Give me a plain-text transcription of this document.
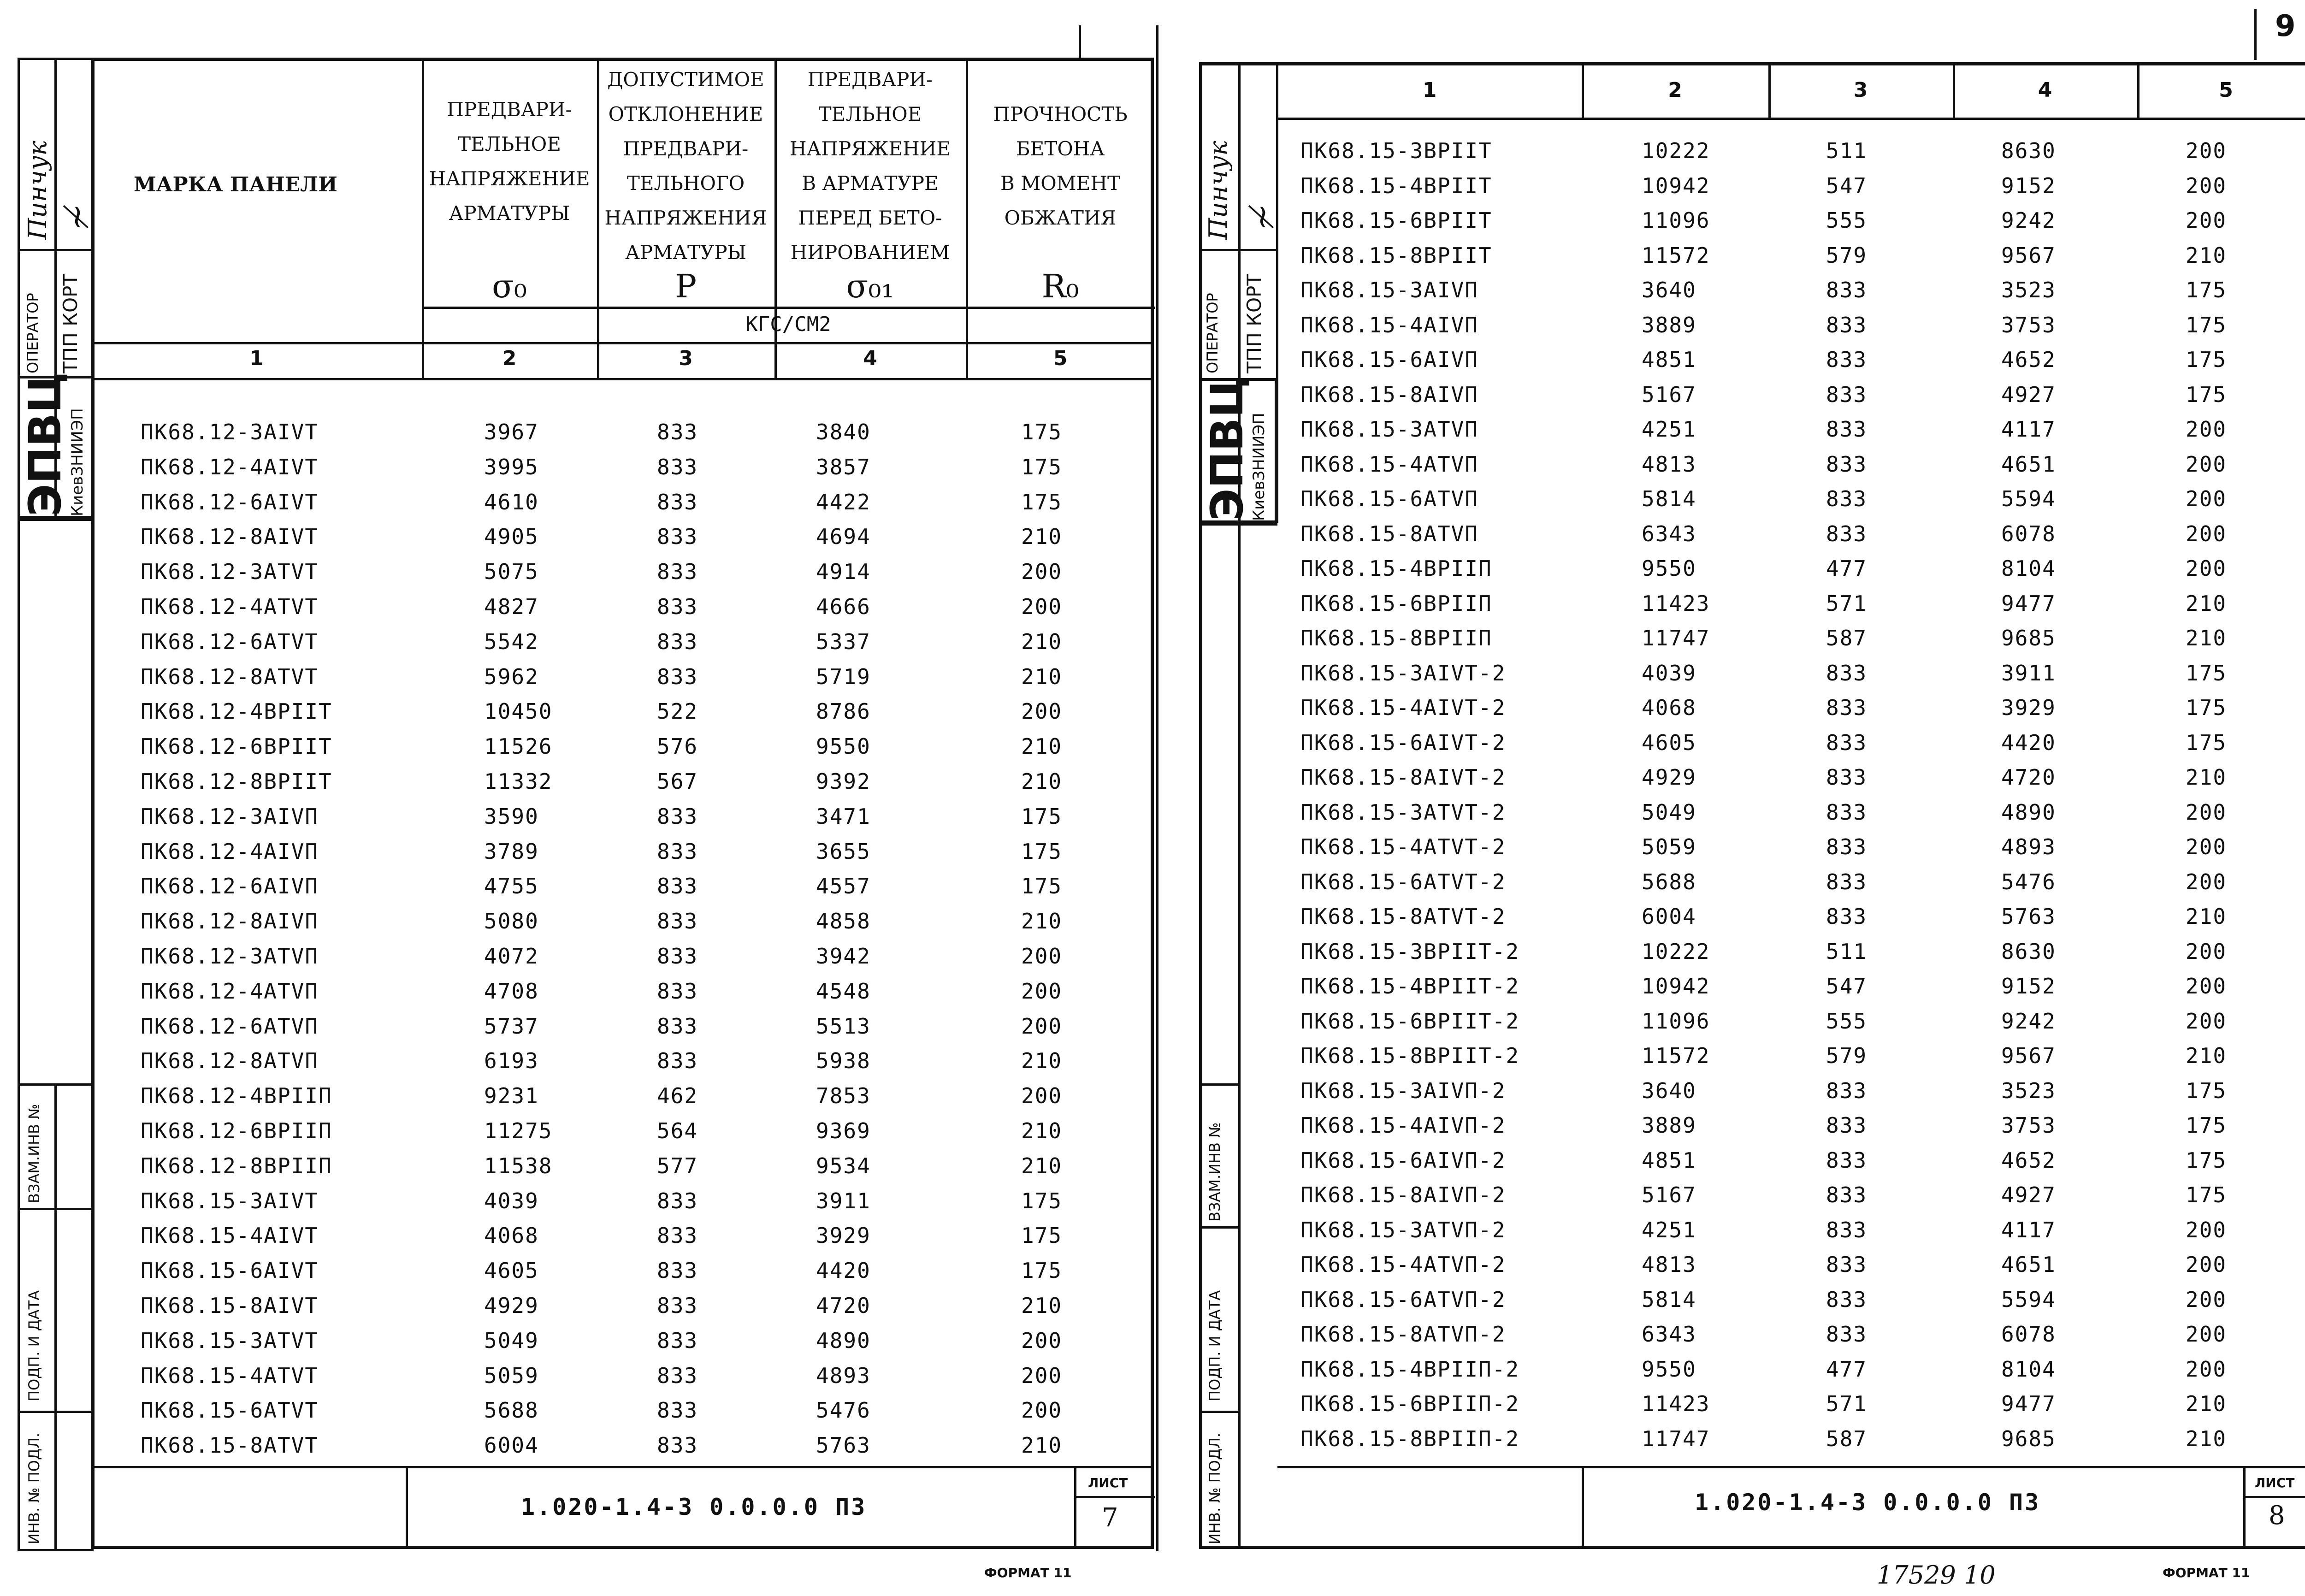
Пинчук ≁
ОПЕРАТОР ТПП КОРТ
ЭПВЦ
КиевЗНИИЭП
ВЗАМ.ИНВ №
ПОДП. И ДАТА
ИНВ. № ПОДЛ.
МАРКА ПАНЕЛИ
ПРЕДВАРИ-
ТЕЛЬНОЕ
НАПРЯЖЕНИЕ
АРМАТУРЫ
ДОПУСТИМОЕ
ОТКЛОНЕНИЕ
ПРЕДВАРИ-
ТЕЛЬНОГО
НАПРЯЖЕНИЯ
АРМАТУРЫ
ПРЕДВАРИ-
ТЕЛЬНОЕ
НАПРЯЖЕНИЕ
В АРМАТУРЕ
ПЕРЕД БЕТО-
НИРОВАНИЕМ
ПРОЧНОСТЬ
БЕТОНА
В МОМЕНТ
ОБЖАТИЯ
σ₀	P	σ₀₁	R₀
КГС/СМ2
1	2	3	4	5
ПК68.12-3AIVT	3967	833	3840	175
ПК68.12-4AIVT	3995	833	3857	175
ПК68.12-6AIVT	4610	833	4422	175
ПК68.12-8AIVT	4905	833	4694	210
ПК68.12-3ATVT	5075	833	4914	200
ПК68.12-4ATVT	4827	833	4666	200
ПК68.12-6ATVT	5542	833	5337	210
ПК68.12-8ATVT	5962	833	5719	210
ПК68.12-4BPIIT	10450	522	8786	200
ПК68.12-6BPIIT	11526	576	9550	210
ПК68.12-8BPIIT	11332	567	9392	210
ПК68.12-3AIVП	3590	833	3471	175
ПК68.12-4AIVП	3789	833	3655	175
ПК68.12-6AIVП	4755	833	4557	175
ПК68.12-8AIVП	5080	833	4858	210
ПК68.12-3ATVП	4072	833	3942	200
ПК68.12-4ATVП	4708	833	4548	200
ПК68.12-6ATVП	5737	833	5513	200
ПК68.12-8ATVП	6193	833	5938	210
ПК68.12-4BPIIП	9231	462	7853	200
ПК68.12-6BPIIП	11275	564	9369	210
ПК68.12-8BPIIП	11538	577	9534	210
ПК68.15-3AIVT	4039	833	3911	175
ПК68.15-4AIVT	4068	833	3929	175
ПК68.15-6AIVT	4605	833	4420	175
ПК68.15-8AIVT	4929	833	4720	210
ПК68.15-3ATVT	5049	833	4890	200
ПК68.15-4ATVT	5059	833	4893	200
ПК68.15-6ATVT	5688	833	5476	200
ПК68.15-8ATVT	6004	833	5763	210
1.020-1.4-3 0.0.0.0 ПЗ
ЛИСТ
7
ФОРМАТ 11
Пинчук ≁
ОПЕРАТОР ТПП КОРТ
ЭПВЦ
КиевЗНИИЭП
ВЗАМ.ИНВ №
ПОДП. И ДАТА
ИНВ. № ПОДЛ.
1	2	3	4	5
ПК68.15-3BPIIT	10222	511	8630	200
ПК68.15-4BPIIT	10942	547	9152	200
ПК68.15-6BPIIT	11096	555	9242	200
ПК68.15-8BPIIT	11572	579	9567	210
ПК68.15-3AIVП	3640	833	3523	175
ПК68.15-4AIVП	3889	833	3753	175
ПК68.15-6AIVП	4851	833	4652	175
ПК68.15-8AIVП	5167	833	4927	175
ПК68.15-3ATVП	4251	833	4117	200
ПК68.15-4ATVП	4813	833	4651	200
ПК68.15-6ATVП	5814	833	5594	200
ПК68.15-8ATVП	6343	833	6078	200
ПК68.15-4BPIIП	9550	477	8104	200
ПК68.15-6BPIIП	11423	571	9477	210
ПК68.15-8BPIIП	11747	587	9685	210
ПК68.15-3AIVT-2	4039	833	3911	175
ПК68.15-4AIVT-2	4068	833	3929	175
ПК68.15-6AIVT-2	4605	833	4420	175
ПК68.15-8AIVT-2	4929	833	4720	210
ПК68.15-3ATVT-2	5049	833	4890	200
ПК68.15-4ATVT-2	5059	833	4893	200
ПК68.15-6ATVT-2	5688	833	5476	200
ПК68.15-8ATVT-2	6004	833	5763	210
ПК68.15-3BPIIT-2	10222	511	8630	200
ПК68.15-4BPIIT-2	10942	547	9152	200
ПК68.15-6BPIIT-2	11096	555	9242	200
ПК68.15-8BPIIT-2	11572	579	9567	210
ПК68.15-3AIVП-2	3640	833	3523	175
ПК68.15-4AIVП-2	3889	833	3753	175
ПК68.15-6AIVП-2	4851	833	4652	175
ПК68.15-8AIVП-2	5167	833	4927	175
ПК68.15-3ATVП-2	4251	833	4117	200
ПК68.15-4ATVП-2	4813	833	4651	200
ПК68.15-6ATVП-2	5814	833	5594	200
ПК68.15-8ATVП-2	6343	833	6078	200
ПК68.15-4BPIIП-2	9550	477	8104	200
ПК68.15-6BPIIП-2	11423	571	9477	210
ПК68.15-8BPIIП-2	11747	587	9685	210
1.020-1.4-3 0.0.0.0 ПЗ
ЛИСТ
8
ФОРМАТ 11
17529 10
9
